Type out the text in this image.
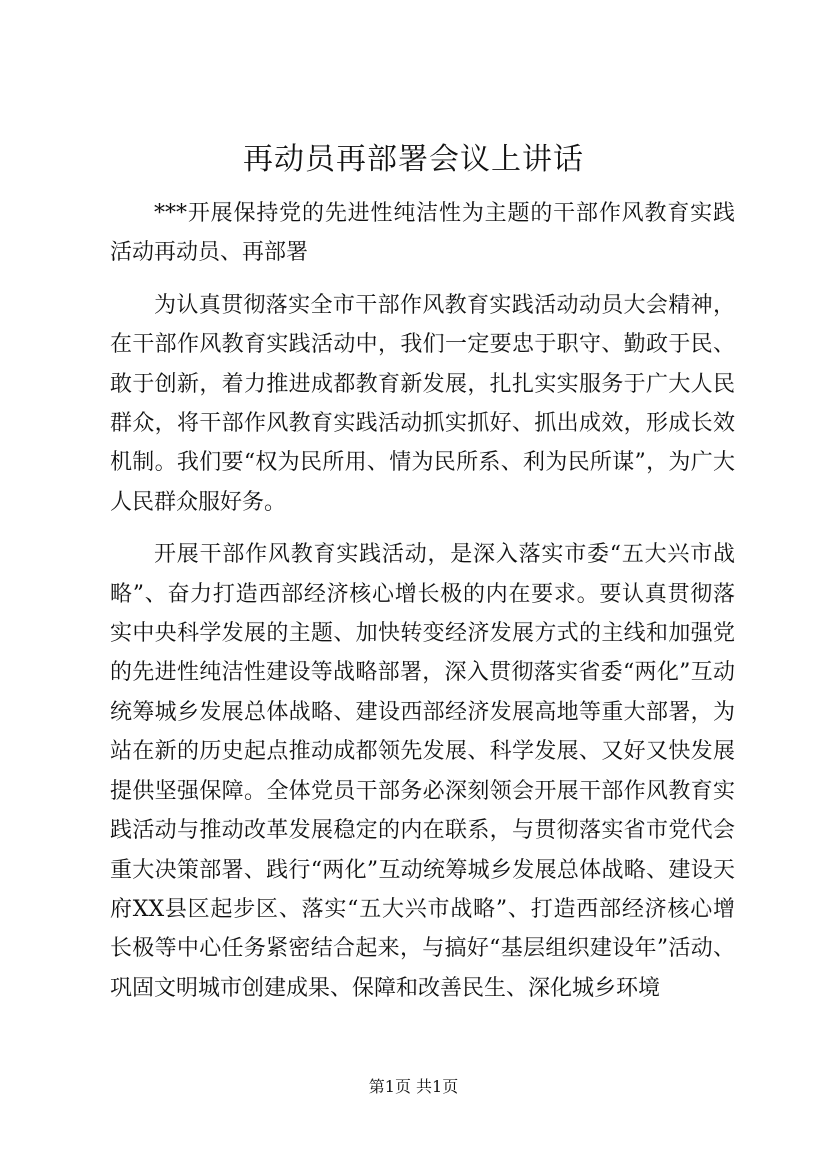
再动员再部署会议上讲话

***开展保持党的先进性纯洁性为主题的干部作风教育实践活动再动员、再部署

为认真贯彻落实全市干部作风教育实践活动动员大会精神，在干部作风教育实践活动中，我们一定要忠于职守、勤政于民、敢于创新，着力推进成都教育新发展，扎扎实实服务于广大人民群众，将干部作风教育实践活动抓实抓好、抓出成效，形成长效机制。我们要“权为民所用、情为民所系、利为民所谋”，为广大人民群众服好务。

开展干部作风教育实践活动，是深入落实市委“五大兴市战略”、奋力打造西部经济核心增长极的内在要求。要认真贯彻落实中央科学发展的主题、加快转变经济发展方式的主线和加强党的先进性纯洁性建设等战略部署，深入贯彻落实省委“两化”互动统筹城乡发展总体战略、建设西部经济发展高地等重大部署，为站在新的历史起点推动成都领先发展、科学发展、又好又快发展提供坚强保障。全体党员干部务必深刻领会开展干部作风教育实践活动与推动改革发展稳定的内在联系，与贯彻落实省市党代会重大决策部署、践行“两化”互动统筹城乡发展总体战略、建设天府XX县区起步区、落实“五大兴市战略”、打造西部经济核心增长极等中心任务紧密结合起来，与搞好“基层组织建设年”活动、巩固文明城市创建成果、保障和改善民生、深化城乡环境

第1页 共1页
